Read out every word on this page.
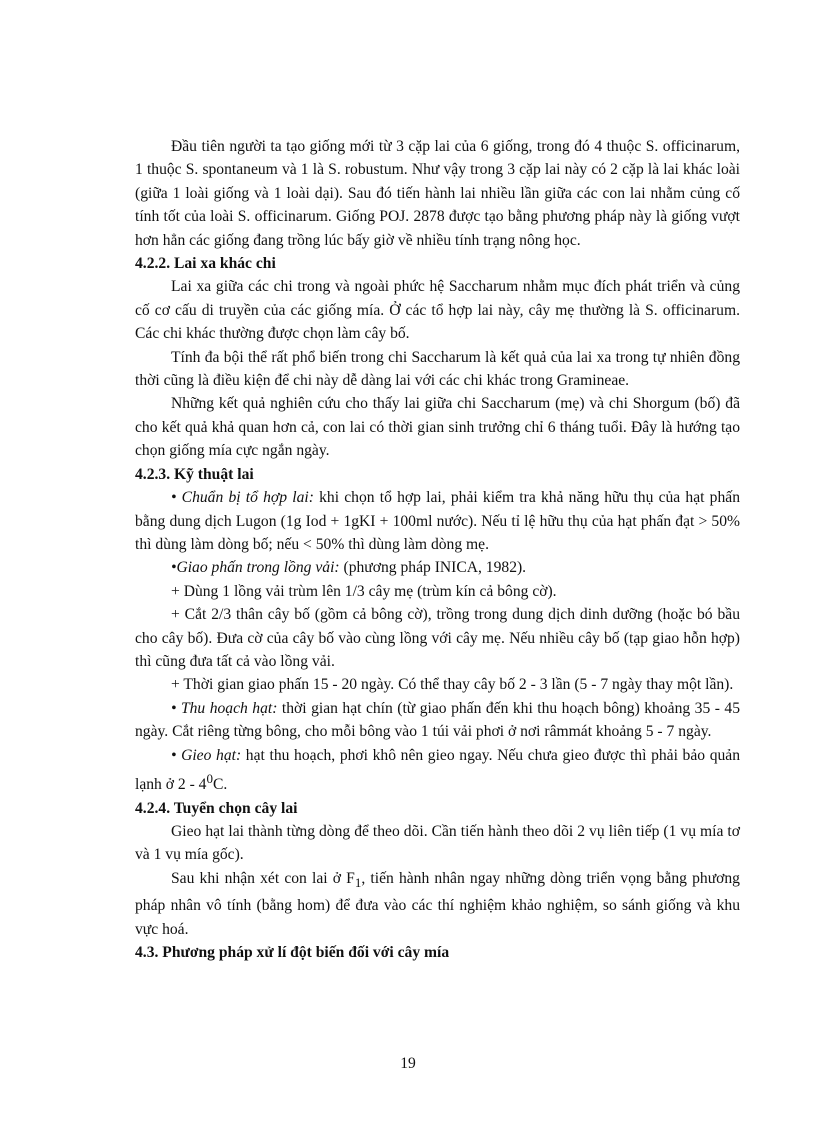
Đầu tiên người ta tạo giống mới từ 3 cặp lai của 6 giống, trong đó 4 thuộc S. officinarum, 1 thuộc S. spontaneum và 1 là S. robustum. Như vậy trong 3 cặp lai này có 2 cặp là lai khác loài (giữa 1 loài giống và 1 loài dại). Sau đó tiến hành lai nhiều lần giữa các con lai nhằm củng cố tính tốt của loài S. officinarum. Giống POJ. 2878 được tạo bằng phương pháp này là giống vượt hơn hẳn các giống đang trồng lúc bấy giờ về nhiều tính trạng nông học.

4.2.2. Lai xa khác chi

Lai xa giữa các chi trong và ngoài phức hệ Saccharum nhằm mục đích phát triển và củng cố cơ cấu di truyền của các giống mía. Ở các tổ hợp lai này, cây mẹ thường là S. officinarum. Các chi khác thường được chọn làm cây bố.

Tính đa bội thể rất phổ biến trong chi Saccharum là kết quả của lai xa trong tự nhiên đồng thời cũng là điều kiện để chi này dễ dàng lai với các chi khác trong Gramineae.

Những kết quả nghiên cứu cho thấy lai giữa chi Saccharum (mẹ) và chi Shorgum (bố) đã cho kết quả khả quan hơn cả, con lai có thời gian sinh trưởng chỉ 6 tháng tuổi. Đây là hướng tạo chọn giống mía cực ngắn ngày.

4.2.3. Kỹ thuật lai

• Chuẩn bị tổ hợp lai: khi chọn tổ hợp lai, phải kiểm tra khả năng hữu thụ của hạt phấn bằng dung dịch Lugon (1g Iod + 1gKI + 100ml nước). Nếu tỉ lệ hữu thụ của hạt phấn đạt > 50% thì dùng làm dòng bố; nếu < 50% thì dùng làm dòng mẹ.

•Giao phấn trong lồng vải: (phương pháp INICA, 1982).

+ Dùng 1 lồng vải trùm lên 1/3 cây mẹ (trùm kín cả bông cờ).

+ Cắt 2/3 thân cây bố (gồm cả bông cờ), trồng trong dung dịch dinh dưỡng (hoặc bó bầu cho cây bố). Đưa cờ của cây bố vào cùng lồng với cây mẹ. Nếu nhiều cây bố (tạp giao hỗn hợp) thì cũng đưa tất cả vào lồng vải.

+ Thời gian giao phấn 15 - 20 ngày. Có thể thay cây bố 2 - 3 lần (5 - 7 ngày thay một lần).

• Thu hoạch hạt: thời gian hạt chín (từ giao phấn đến khi thu hoạch bông) khoảng 35 - 45 ngày. Cắt riêng từng bông, cho mỗi bông vào 1 túi vải phơi ở nơi râmmát khoảng 5 - 7 ngày.

• Gieo hạt: hạt thu hoạch, phơi khô nên gieo ngay. Nếu chưa gieo được thì phải bảo quản lạnh ở $2 - 4^0C$.

4.2.4. Tuyển chọn cây lai

Gieo hạt lai thành từng dòng để theo dõi. Cần tiến hành theo dõi 2 vụ liên tiếp (1 vụ mía tơ và 1 vụ mía gốc).

Sau khi nhận xét con lai ở $F_1$, tiến hành nhân ngay những dòng triển vọng bằng phương pháp nhân vô tính (bằng hom) để đưa vào các thí nghiệm khảo nghiệm, so sánh giống và khu vực hoá.

4.3. Phương pháp xử lí đột biến đối với cây mía

19
